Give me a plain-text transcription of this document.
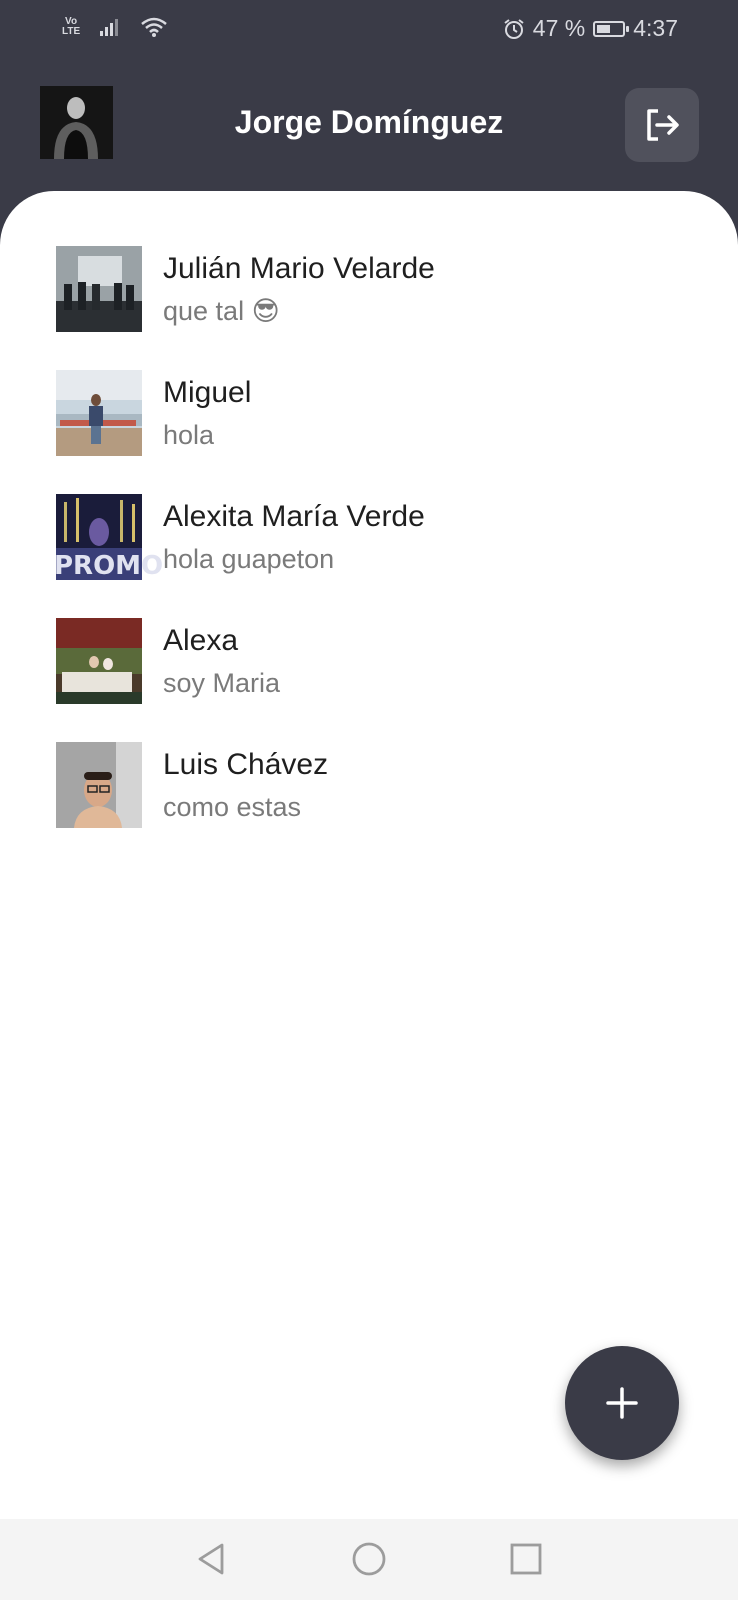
Vo
LTE	47 % 4:37
Jorge Domínguez
Julián Mario Velarde
que tal 😎
Miguel
hola
PROMO
Alexita María Verde
hola guapeton
Alexa
soy Maria
Luis Chávez
como estas
